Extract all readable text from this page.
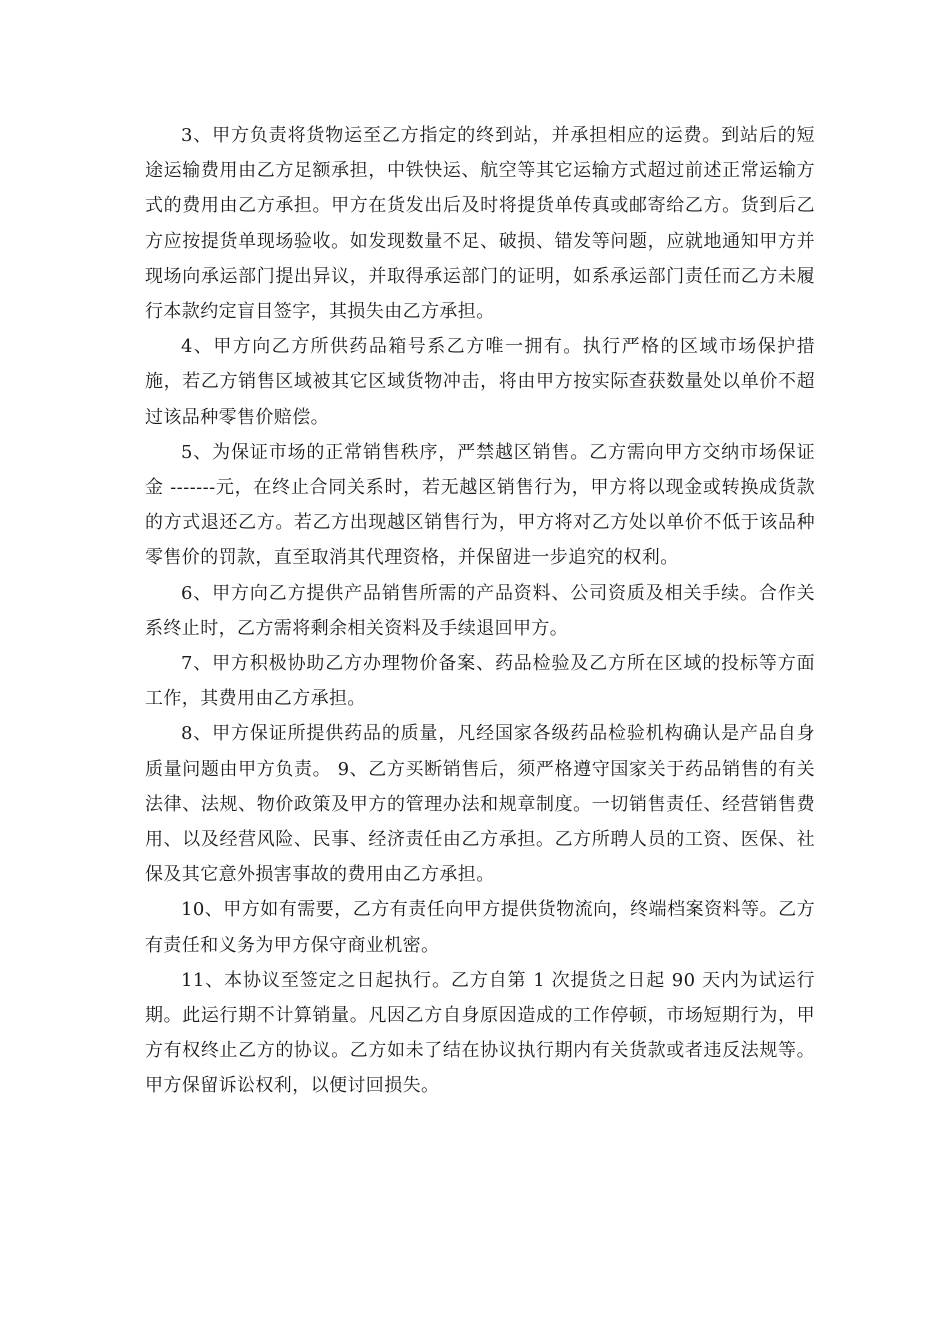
3、甲方负责将货物运至乙方指定的终到站，并承担相应的运费。到站后的短途运输费用由乙方足额承担，中铁快运、航空等其它运输方式超过前述正常运输方式的费用由乙方承担。甲方在货发出后及时将提货单传真或邮寄给乙方。货到后乙方应按提货单现场验收。如发现数量不足、破损、错发等问题，应就地通知甲方并现场向承运部门提出异议，并取得承运部门的证明，如系承运部门责任而乙方未履行本款约定盲目签字，其损失由乙方承担。

4、甲方向乙方所供药品箱号系乙方唯一拥有。执行严格的区域市场保护措施，若乙方销售区域被其它区域货物冲击，将由甲方按实际查获数量处以单价不超过该品种零售价赔偿。

5、为保证市场的正常销售秩序，严禁越区销售。乙方需向甲方交纳市场保证金 -------元，在终止合同关系时，若无越区销售行为，甲方将以现金或转换成货款的方式退还乙方。若乙方出现越区销售行为，甲方将对乙方处以单价不低于该品种零售价的罚款，直至取消其代理资格，并保留进一步追究的权利。

6、甲方向乙方提供产品销售所需的产品资料、公司资质及相关手续。合作关系终止时，乙方需将剩余相关资料及手续退回甲方。

7、甲方积极协助乙方办理物价备案、药品检验及乙方所在区域的投标等方面工作，其费用由乙方承担。

8、甲方保证所提供药品的质量，凡经国家各级药品检验机构确认是产品自身质量问题由甲方负责。 9、乙方买断销售后，须严格遵守国家关于药品销售的有关法律、法规、物价政策及甲方的管理办法和规章制度。一切销售责任、经营销售费用、以及经营风险、民事、经济责任由乙方承担。乙方所聘人员的工资、医保、社保及其它意外损害事故的费用由乙方承担。

10、甲方如有需要，乙方有责任向甲方提供货物流向，终端档案资料等。乙方有责任和义务为甲方保守商业机密。

11、本协议至签定之日起执行。乙方自第 1 次提货之日起 90 天内为试运行期。此运行期不计算销量。凡因乙方自身原因造成的工作停顿，市场短期行为，甲方有权终止乙方的协议。乙方如未了结在协议执行期内有关货款或者违反法规等。甲方保留诉讼权利，以便讨回损失。
